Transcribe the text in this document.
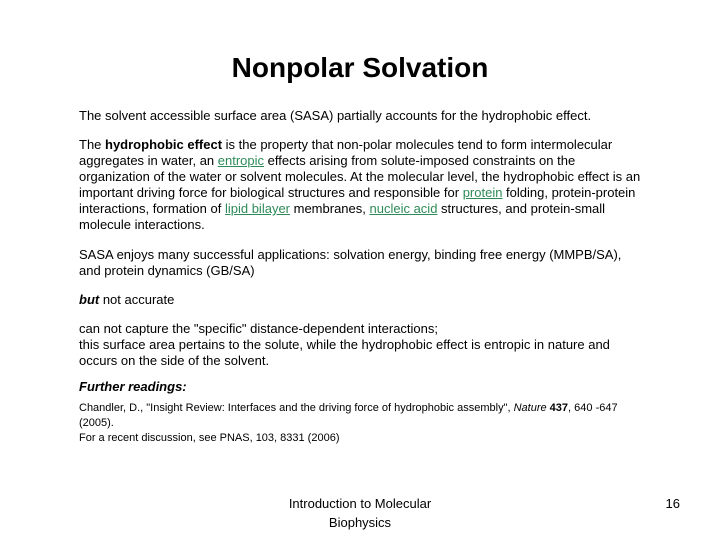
Nonpolar Solvation

The solvent accessible surface area (SASA) partially accounts for the hydrophobic effect.

The hydrophobic effect is the property that non-polar molecules tend to form intermolecular aggregates in water, an entropic effects arising from solute-imposed constraints on the organization of the water or solvent molecules. At the molecular level, the hydrophobic effect is an important driving force for biological structures and responsible for protein folding, protein-protein interactions, formation of lipid bilayer membranes, nucleic acid structures, and protein-small molecule interactions.

SASA enjoys many successful applications: solvation energy, binding free energy (MMPB/SA), and protein dynamics (GB/SA)

but not accurate

can not capture the "specific" distance-dependent interactions;
this surface area pertains to the solute, while the hydrophobic effect is entropic in nature and occurs on the side of the solvent.

Further readings:

Chandler, D., "Insight Review: Interfaces and the driving force of hydrophobic assembly", Nature 437, 640 -647 (2005).

For a recent discussion, see PNAS, 103, 8331 (2006)

Introduction to Molecular
Biophysics
16
